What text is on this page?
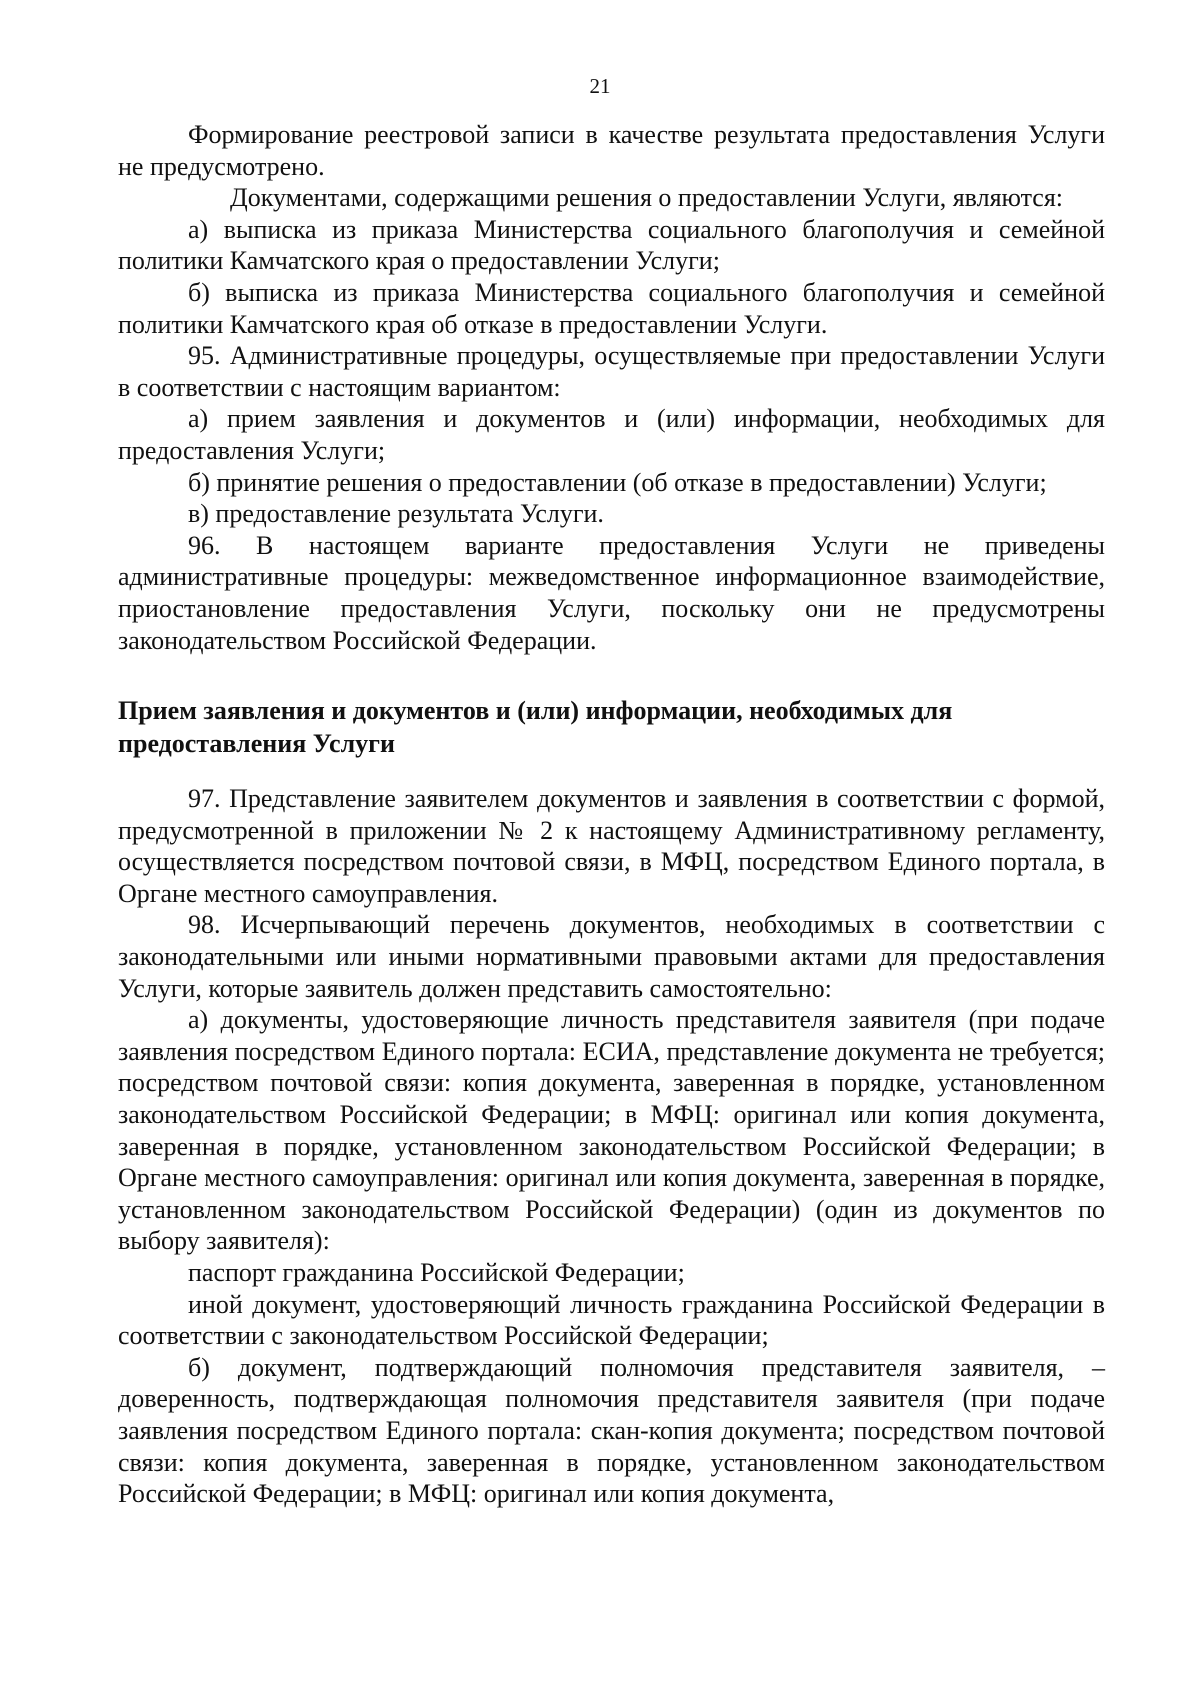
21

Формирование реестровой записи в качестве результата предоставления Услуги не предусмотрено.

Документами, содержащими решения о предоставлении Услуги, являются:

а) выписка из приказа Министерства социального благополучия и семейной политики Камчатского края о предоставлении Услуги;

б) выписка из приказа Министерства социального благополучия и семейной политики Камчатского края об отказе в предоставлении Услуги.

95. Административные процедуры, осуществляемые при предоставлении Услуги в соответствии с настоящим вариантом:

а) прием заявления и документов и (или) информации, необходимых для предоставления Услуги;

б) принятие решения о предоставлении (об отказе в предоставлении) Услуги;

в) предоставление результата Услуги.

96. В настоящем варианте предоставления Услуги не приведены административные процедуры: межведомственное информационное взаимодействие, приостановление предоставления Услуги, поскольку они не предусмотрены законодательством Российской Федерации.

Прием заявления и документов и (или) информации, необходимых для
предоставления Услуги

97. Представление заявителем документов и заявления в соответствии с формой, предусмотренной в приложении № 2 к настоящему Административному регламенту, осуществляется посредством почтовой связи, в МФЦ, посредством Единого портала, в Органе местного самоуправления.

98. Исчерпывающий перечень документов, необходимых в соответствии с законодательными или иными нормативными правовыми актами для предоставления Услуги, которые заявитель должен представить самостоятельно:

а) документы, удостоверяющие личность представителя заявителя (при подаче заявления посредством Единого портала: ЕСИА, представление документа не требуется; посредством почтовой связи: копия документа, заверенная в порядке, установленном законодательством Российской Федерации; в МФЦ: оригинал или копия документа, заверенная в порядке, установленном законодательством Российской Федерации; в Органе местного самоуправления: оригинал или копия документа, заверенная в порядке, установленном законодательством Российской Федерации) (один из документов по выбору заявителя):

паспорт гражданина Российской Федерации;

иной документ, удостоверяющий личность гражданина Российской Федерации в соответствии с законодательством Российской Федерации;

б) документ, подтверждающий полномочия представителя заявителя, – доверенность, подтверждающая полномочия представителя заявителя (при подаче заявления посредством Единого портала: скан-копия документа; посредством почтовой связи: копия документа, заверенная в порядке, установленном законодательством Российской Федерации; в МФЦ: оригинал или копия документа,
